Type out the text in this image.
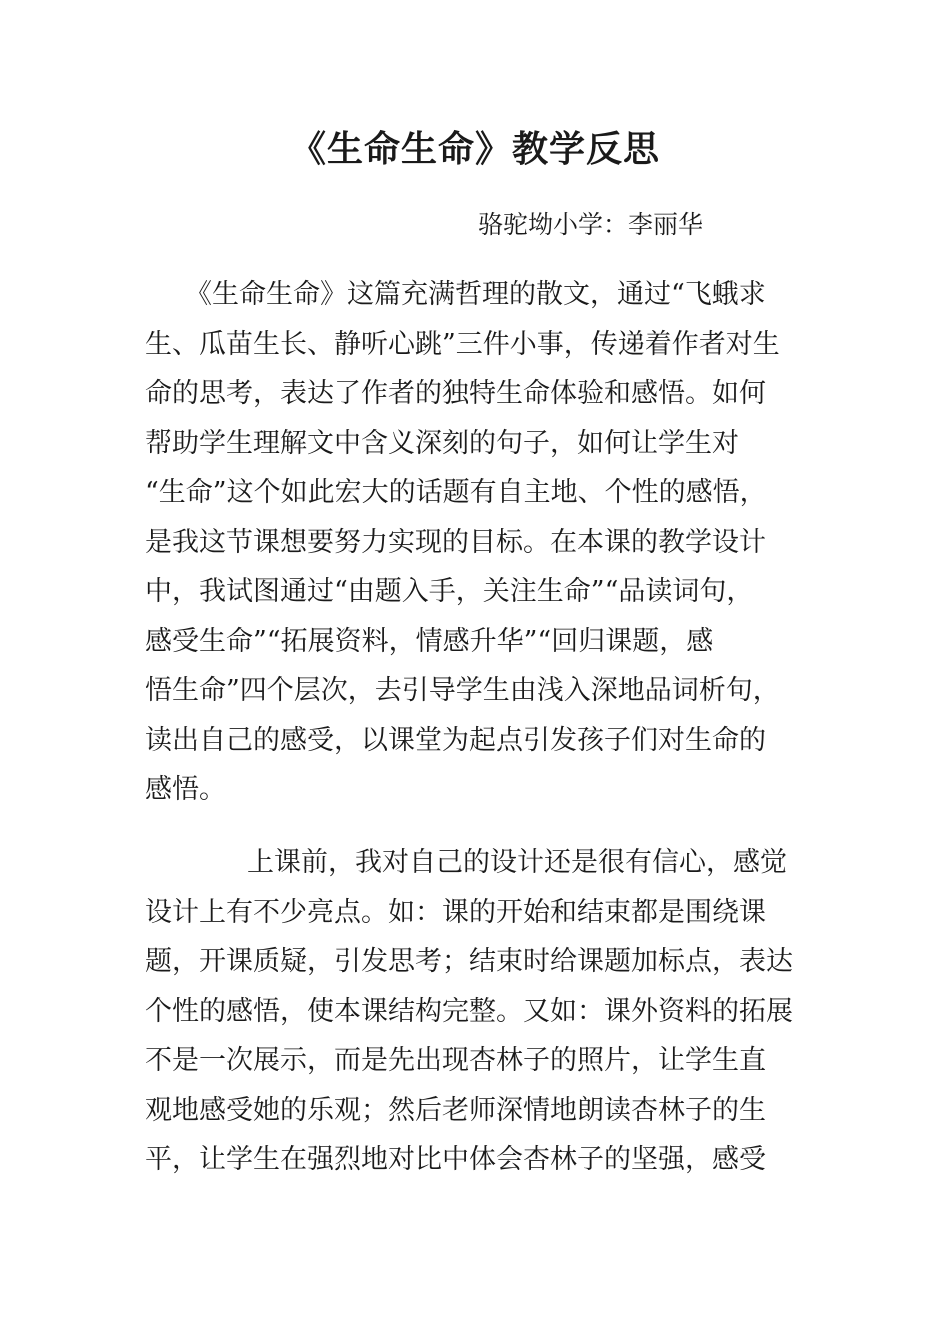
《生命生命》教学反思
骆驼坳小学：李丽华
《生命生命》这篇充满哲理的散文，通过“飞蛾求
生、瓜苗生长、静听心跳”三件小事，传递着作者对生
命的思考，表达了作者的独特生命体验和感悟。如何
帮助学生理解文中含义深刻的句子，如何让学生对
“生命”这个如此宏大的话题有自主地、个性的感悟，
是我这节课想要努力实现的目标。在本课的教学设计
中，我试图通过“由题入手，关注生命”“品读词句，
感受生命”“拓展资料，情感升华”“回归课题，感
悟生命”四个层次，去引导学生由浅入深地品词析句，
读出自己的感受，以课堂为起点引发孩子们对生命的
感悟。
上课前，我对自己的设计还是很有信心，感觉
设计上有不少亮点。如：课的开始和结束都是围绕课
题，开课质疑，引发思考；结束时给课题加标点，表达
个性的感悟，使本课结构完整。又如：课外资料的拓展
不是一次展示，而是先出现杏林子的照片，让学生直
观地感受她的乐观；然后老师深情地朗读杏林子的生
平，让学生在强烈地对比中体会杏林子的坚强，感受
